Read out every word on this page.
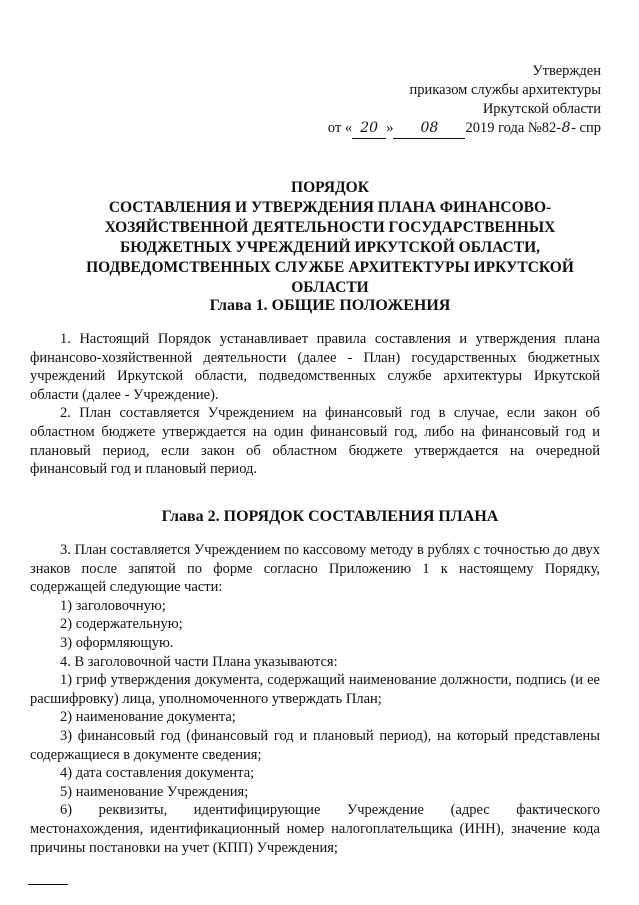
Утвержден
приказом службы архитектуры
Иркутской области
от « 20 » 08 2019 года №82-8- спр
ПОРЯДОК
СОСТАВЛЕНИЯ И УТВЕРЖДЕНИЯ ПЛАНА ФИНАНСОВО-
ХОЗЯЙСТВЕННОЙ ДЕЯТЕЛЬНОСТИ ГОСУДАРСТВЕННЫХ
БЮДЖЕТНЫХ УЧРЕЖДЕНИЙ ИРКУТСКОЙ ОБЛАСТИ,
ПОДВЕДОМСТВЕННЫХ СЛУЖБЕ АРХИТЕКТУРЫ ИРКУТСКОЙ
ОБЛАСТИ
Глава 1. ОБЩИЕ ПОЛОЖЕНИЯ

1. Настоящий Порядок устанавливает правила составления и утверждения плана финансово-хозяйственной деятельности (далее - План) государственных бюджетных учреждений Иркутской области, подведомственных службе архитектуры Иркутской области (далее - Учреждение).

2. План составляется Учреждением на финансовый год в случае, если закон об областном бюджете утверждается на один финансовый год, либо на финансовый год и плановый период, если закон об областном бюджете утверждается на очередной финансовый год и плановый период.

Глава 2. ПОРЯДОК СОСТАВЛЕНИЯ ПЛАНА

3. План составляется Учреждением по кассовому методу в рублях с точностью до двух знаков после запятой по форме согласно Приложению 1 к настоящему Порядку, содержащей следующие части:

1) заголовочную;

2) содержательную;

3) оформляющую.

4. В заголовочной части Плана указываются:

1) гриф утверждения документа, содержащий наименование должности, подпись (и ее расшифровку) лица, уполномоченного утверждать План;

2) наименование документа;

3) финансовый год (финансовый год и плановый период), на который представлены содержащиеся в документе сведения;

4) дата составления документа;

5) наименование Учреждения;

6) реквизиты, идентифицирующие Учреждение (адрес фактического местонахождения, идентификационный номер налогоплательщика (ИНН), значение кода причины постановки на учет (КПП) Учреждения;
